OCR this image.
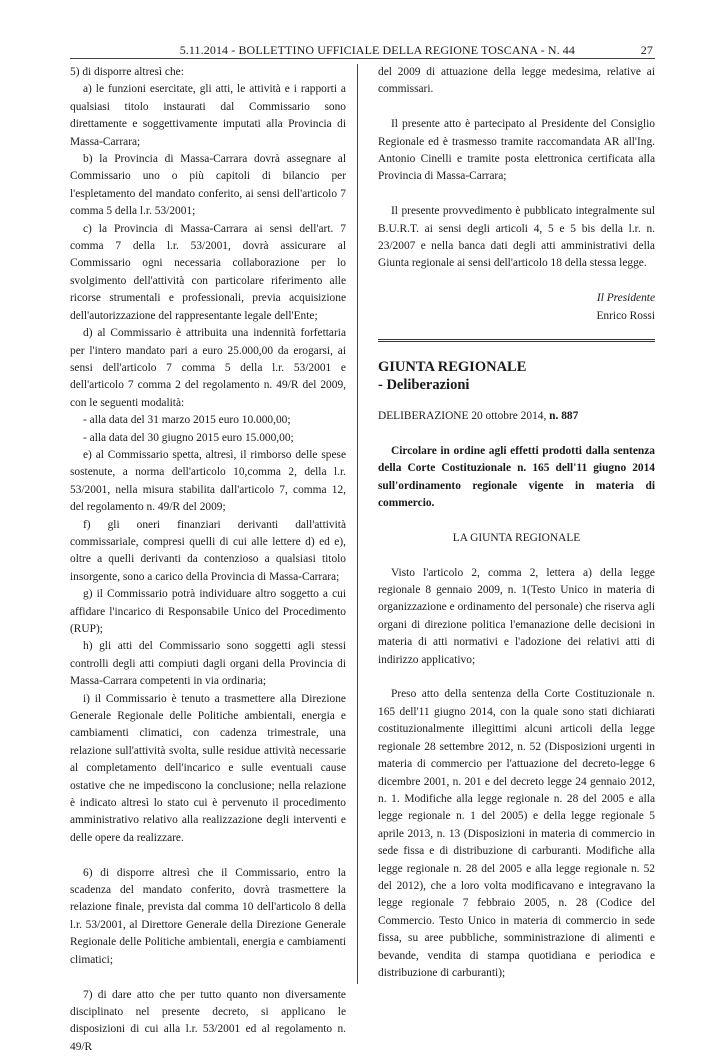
5.11.2014 - BOLLETTINO UFFICIALE DELLA REGIONE TOSCANA - N. 44	27

5) di disporre altresì che:

a) le funzioni esercitate, gli atti, le attività e i rapporti a qualsiasi titolo instaurati dal Commissario sono direttamente e soggettivamente imputati alla Provincia di Massa-Carrara;

b) la Provincia di Massa-Carrara dovrà assegnare al Commissario uno o più capitoli di bilancio per l'espletamento del mandato conferito, ai sensi dell'articolo 7 comma 5 della l.r. 53/2001;

c) la Provincia di Massa-Carrara ai sensi dell'art. 7 comma 7 della l.r. 53/2001, dovrà assicurare al Commissario ogni necessaria collaborazione per lo svolgimento dell'attività con particolare riferimento alle ricorse strumentali e professionali, previa acquisizione dell'autorizzazione del rappresentante legale dell'Ente;

d) al Commissario è attribuita una indennità forfettaria per l'intero mandato pari a euro 25.000,00 da erogarsi, ai sensi dell'articolo 7 comma 5 della l.r. 53/2001 e dell'articolo 7 comma 2 del regolamento n. 49/R del 2009, con le seguenti modalità:

- alla data del 31 marzo 2015 euro 10.000,00;

- alla data del 30 giugno 2015 euro 15.000,00;

e) al Commissario spetta, altresì, il rimborso delle spese sostenute, a norma dell'articolo 10,comma 2, della l.r. 53/2001, nella misura stabilita dall'articolo 7, comma 12, del regolamento n. 49/R del 2009;

f) gli oneri finanziari derivanti dall'attività commissariale, compresi quelli di cui alle lettere d) ed e), oltre a quelli derivanti da contenzioso a qualsiasi titolo insorgente, sono a carico della Provincia di Massa-Carrara;

g) il Commissario potrà individuare altro soggetto a cui affidare l'incarico di Responsabile Unico del Procedimento (RUP);

h) gli atti del Commissario sono soggetti agli stessi controlli degli atti compiuti dagli organi della Provincia di Massa-Carrara competenti in via ordinaria;

i) il Commissario è tenuto a trasmettere alla Direzione Generale Regionale delle Politiche ambientali, energia e cambiamenti climatici, con cadenza trimestrale, una relazione sull'attività svolta, sulle residue attività necessarie al completamento dell'incarico e sulle eventuali cause ostative che ne impediscono la conclusione; nella relazione è indicato altresì lo stato cui è pervenuto il procedimento amministrativo relativo alla realizzazione degli interventi e delle opere da realizzare.

6) di disporre altresì che il Commissario, entro la scadenza del mandato conferito, dovrà trasmettere la relazione finale, prevista dal comma 10 dell'articolo 8 della l.r. 53/2001, al Direttore Generale della Direzione Generale Regionale delle Politiche ambientali, energia e cambiamenti climatici;

7) di dare atto che per tutto quanto non diversamente disciplinato nel presente decreto, si applicano le disposizioni di cui alla l.r. 53/2001 ed al regolamento n. 49/R

del 2009 di attuazione della legge medesima, relative ai commissari.

Il presente atto è partecipato al Presidente del Consiglio Regionale ed è trasmesso tramite raccomandata AR all'Ing. Antonio Cinelli e tramite posta elettronica certificata alla Provincia di Massa-Carrara;

Il presente provvedimento è pubblicato integralmente sul B.U.R.T. ai sensi degli articoli 4, 5 e 5 bis della l.r. n. 23/2007 e nella banca dati degli atti amministrativi della Giunta regionale ai sensi dell'articolo 18 della stessa legge.

Il Presidente

Enrico Rossi

GIUNTA REGIONALE
- Deliberazioni

DELIBERAZIONE 20 ottobre 2014, n. 887

Circolare in ordine agli effetti prodotti dalla sentenza della Corte Costituzionale n. 165 dell'11 giugno 2014 sull'ordinamento regionale vigente in materia di commercio.

LA GIUNTA REGIONALE

Visto l'articolo 2, comma 2, lettera a) della legge regionale 8 gennaio 2009, n. 1(Testo Unico in materia di organizzazione e ordinamento del personale) che riserva agli organi di direzione politica l'emanazione delle decisioni in materia di atti normativi e l'adozione dei relativi atti di indirizzo applicativo;

Preso atto della sentenza della Corte Costituzionale n. 165 dell'11 giugno 2014, con la quale sono stati dichiarati costituzionalmente illegittimi alcuni articoli della legge regionale 28 settembre 2012, n. 52 (Disposizioni urgenti in materia di commercio per l'attuazione del decreto-legge 6 dicembre 2001, n. 201 e del decreto legge 24 gennaio 2012, n. 1. Modifiche alla legge regionale n. 28 del 2005 e alla legge regionale n. 1 del 2005) e della legge regionale 5 aprile 2013, n. 13 (Disposizioni in materia di commercio in sede fissa e di distribuzione di carburanti. Modifiche alla legge regionale n. 28 del 2005 e alla legge regionale n. 52 del 2012), che a loro volta modificavano e integravano la legge regionale 7 febbraio 2005, n. 28 (Codice del Commercio. Testo Unico in materia di commercio in sede fissa, su aree pubbliche, somministrazione di alimenti e bevande, vendita di stampa quotidiana e periodica e distribuzione di carburanti);
